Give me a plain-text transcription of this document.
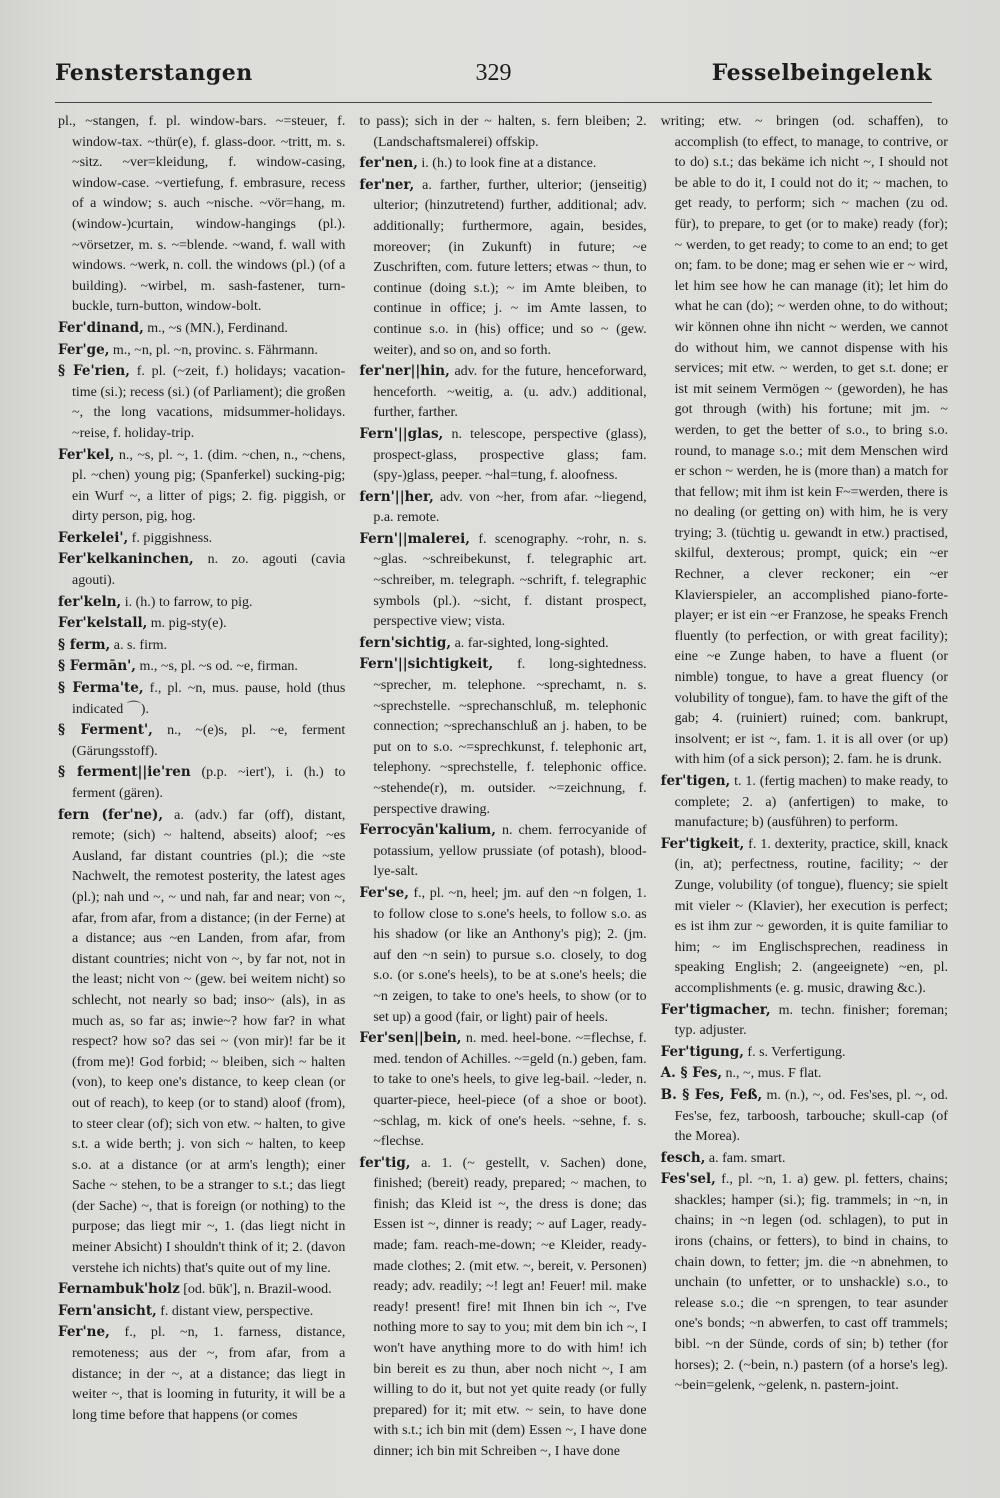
Fensterstangen	329	Fesselbeingelenk

pl., ~stangen, f. pl. window-bars. ~=steuer, f. window-tax. ~thür(e), f. glass-door. ~tritt, m. s. ~sitz. ~ver=kleidung, f. window-casing, window-case. ~vertiefung, f. embrasure, recess of a window; s. auch ~nische. ~vör=hang, m. (window-)curtain, window-hangings (pl.). ~vörsetzer, m. s. ~=blende. ~wand, f. wall with windows. ~werk, n. coll. the windows (pl.) (of a building). ~wirbel, m. sash-fastener, turn-buckle, turn-button, window-bolt.

Fer'dinand, m., ~s (MN.), Ferdinand.

Fer'ge, m., ~n, pl. ~n, provinc. s. Fährmann.

§ Fe'rien, f. pl. (~zeit, f.) holidays; vacation-time (si.); recess (si.) (of Parliament); die großen ~, the long vacations, midsummer-holidays. ~reise, f. holiday-trip.

Fer'kel, n., ~s, pl. ~, 1. (dim. ~chen, n., ~chens, pl. ~chen) young pig; (Spanferkel) sucking-pig; ein Wurf ~, a litter of pigs; 2. fig. piggish, or dirty person, pig, hog.

Ferkelei', f. piggishness.

Fer'kelkaninchen, n. zo. agouti (cavia agouti).

fer'keln, i. (h.) to farrow, to pig.

Fer'kelstall, m. pig-sty(e).

§ ferm, a. s. firm.

§ Fermān', m., ~s, pl. ~s od. ~e, firman.

§ Ferma'te, f., pl. ~n, mus. pause, hold (thus indicated ⌒).

§ Ferment', n., ~(e)s, pl. ~e, ferment (Gärungsstoff).

§ ferment||ie'ren (p.p. ~iert'), i. (h.) to ferment (gären).

fern (fer'ne), a. (adv.) far (off), distant, remote; (sich) ~ haltend, abseits) aloof; ~es Ausland, far distant countries (pl.); die ~ste Nachwelt, the remotest posterity, the latest ages (pl.); nah und ~, ~ und nah, far and near; von ~, afar, from afar, from a distance; (in der Ferne) at a distance; aus ~en Landen, from afar, from distant countries; nicht von ~, by far not, not in the least; nicht von ~ (gew. bei weitem nicht) so schlecht, not nearly so bad; inso~ (als), in as much as, so far as; inwie~? how far? in what respect? how so? das sei ~ (von mir)! far be it (from me)! God forbid; ~ bleiben, sich ~ halten (von), to keep one's distance, to keep clean (or out of reach), to keep (or to stand) aloof (from), to steer clear (of); sich von etw. ~ halten, to give s.t. a wide berth; j. von sich ~ halten, to keep s.o. at a distance (or at arm's length); einer Sache ~ stehen, to be a stranger to s.t.; das liegt (der Sache) ~, that is foreign (or nothing) to the purpose; das liegt mir ~, 1. (das liegt nicht in meiner Absicht) I shouldn't think of it; 2. (davon verstehe ich nichts) that's quite out of my line.

Fernambuk'holz [od. būk'], n. Brazil-wood.

Fern'ansicht, f. distant view, perspective.

Fer'ne, f., pl. ~n, 1. farness, distance, remoteness; aus der ~, from afar, from a distance; in der ~, at a distance; das liegt in weiter ~, that is looming in futurity, it will be a long time before that happens (or comes

to pass); sich in der ~ halten, s. fern bleiben; 2. (Landschaftsmalerei) offskip.

fer'nen, i. (h.) to look fine at a distance.

fer'ner, a. farther, further, ulterior; (jenseitig) ulterior; (hinzutretend) further, additional; adv. additionally; furthermore, again, besides, moreover; (in Zukunft) in future; ~e Zuschriften, com. future letters; etwas ~ thun, to continue (doing s.t.); ~ im Amte bleiben, to continue in office; j. ~ im Amte lassen, to continue s.o. in (his) office; und so ~ (gew. weiter), and so on, and so forth.

fer'ner||hin, adv. for the future, henceforward, henceforth. ~weitig, a. (u. adv.) additional, further, farther.

Fern'||glas, n. telescope, perspective (glass), prospect-glass, prospective glass; fam. (spy-)glass, peeper. ~hal=tung, f. aloofness.

fern'||her, adv. von ~her, from afar. ~liegend, p.a. remote.

Fern'||malerei, f. scenography. ~rohr, n. s. ~glas. ~schreibekunst, f. telegraphic art. ~schreiber, m. telegraph. ~schrift, f. telegraphic symbols (pl.). ~sicht, f. distant prospect, perspective view; vista.

fern'sichtig, a. far-sighted, long-sighted.

Fern'||sichtigkeit, f. long-sightedness. ~sprecher, m. telephone. ~sprechamt, n. s. ~sprechstelle. ~sprechanschluß, m. telephonic connection; ~sprechanschluß an j. haben, to be put on to s.o. ~=sprechkunst, f. telephonic art, telephony. ~sprechstelle, f. telephonic office. ~stehende(r), m. outsider. ~=zeichnung, f. perspective drawing.

Ferrocyān'kalium, n. chem. ferrocyanide of potassium, yellow prussiate (of potash), blood-lye-salt.

Fer'se, f., pl. ~n, heel; jm. auf den ~n folgen, 1. to follow close to s.one's heels, to follow s.o. as his shadow (or like an Anthony's pig); 2. (jm. auf den ~n sein) to pursue s.o. closely, to dog s.o. (or s.one's heels), to be at s.one's heels; die ~n zeigen, to take to one's heels, to show (or to set up) a good (fair, or light) pair of heels.

Fer'sen||bein, n. med. heel-bone. ~=flechse, f. med. tendon of Achilles. ~=geld (n.) geben, fam. to take to one's heels, to give leg-bail. ~leder, n. quarter-piece, heel-piece (of a shoe or boot). ~schlag, m. kick of one's heels. ~sehne, f. s. ~flechse.

fer'tig, a. 1. (~ gestellt, v. Sachen) done, finished; (bereit) ready, prepared; ~ machen, to finish; das Kleid ist ~, the dress is done; das Essen ist ~, dinner is ready; ~ auf Lager, ready-made; fam. reach-me-down; ~e Kleider, ready-made clothes; 2. (mit etw. ~, bereit, v. Personen) ready; adv. readily; ~! legt an! Feuer! mil. make ready! present! fire! mit Ihnen bin ich ~, I've nothing more to say to you; mit dem bin ich ~, I won't have anything more to do with him! ich bin bereit es zu thun, aber noch nicht ~, I am willing to do it, but not yet quite ready (or fully prepared) for it; mit etw. ~ sein, to have done with s.t.; ich bin mit (dem) Essen ~, I have done dinner; ich bin mit Schreiben ~, I have done

writing; etw. ~ bringen (od. schaffen), to accomplish (to effect, to manage, to contrive, or to do) s.t.; das bekäme ich nicht ~, I should not be able to do it, I could not do it; ~ machen, to get ready, to perform; sich ~ machen (zu od. für), to prepare, to get (or to make) ready (for); ~ werden, to get ready; to come to an end; to get on; fam. to be done; mag er sehen wie er ~ wird, let him see how he can manage (it); let him do what he can (do); ~ werden ohne, to do without; wir können ohne ihn nicht ~ werden, we cannot do without him, we cannot dispense with his services; mit etw. ~ werden, to get s.t. done; er ist mit seinem Vermögen ~ (geworden), he has got through (with) his fortune; mit jm. ~ werden, to get the better of s.o., to bring s.o. round, to manage s.o.; mit dem Menschen wird er schon ~ werden, he is (more than) a match for that fellow; mit ihm ist kein F~=werden, there is no dealing (or getting on) with him, he is very trying; 3. (tüchtig u. gewandt in etw.) practised, skilful, dexterous; prompt, quick; ein ~er Rechner, a clever reckoner; ein ~er Klavierspieler, an accomplished piano-forte-player; er ist ein ~er Franzose, he speaks French fluently (to perfection, or with great facility); eine ~e Zunge haben, to have a fluent (or nimble) tongue, to have a great fluency (or volubility of tongue), fam. to have the gift of the gab; 4. (ruiniert) ruined; com. bankrupt, insolvent; er ist ~, fam. 1. it is all over (or up) with him (of a sick person); 2. fam. he is drunk.

fer'tigen, t. 1. (fertig machen) to make ready, to complete; 2. a) (anfertigen) to make, to manufacture; b) (ausführen) to perform.

Fer'tigkeit, f. 1. dexterity, practice, skill, knack (in, at); perfectness, routine, facility; ~ der Zunge, volubility (of tongue), fluency; sie spielt mit vieler ~ (Klavier), her execution is perfect; es ist ihm zur ~ geworden, it is quite familiar to him; ~ im Englischsprechen, readiness in speaking English; 2. (angeeignete) ~en, pl. accomplishments (e. g. music, drawing &c.).

Fer'tigmacher, m. techn. finisher; foreman; typ. adjuster.

Fer'tigung, f. s. Verfertigung.

A. § Fes, n., ~, mus. F flat.

B. § Fes, Feß, m. (n.), ~, od. Fes'ses, pl. ~, od. Fes'se, fez, tarboosh, tarbouche; skull-cap (of the Morea).

fesch, a. fam. smart.

Fes'sel, f., pl. ~n, 1. a) gew. pl. fetters, chains; shackles; hamper (si.); fig. trammels; in ~n, in chains; in ~n legen (od. schlagen), to put in irons (chains, or fetters), to bind in chains, to chain down, to fetter; jm. die ~n abnehmen, to unchain (to unfetter, or to unshackle) s.o., to release s.o.; die ~n sprengen, to tear asunder one's bonds; ~n abwerfen, to cast off trammels; bibl. ~n der Sünde, cords of sin; b) tether (for horses); 2. (~bein, n.) pastern (of a horse's leg). ~bein=gelenk, ~gelenk, n. pastern-joint.
